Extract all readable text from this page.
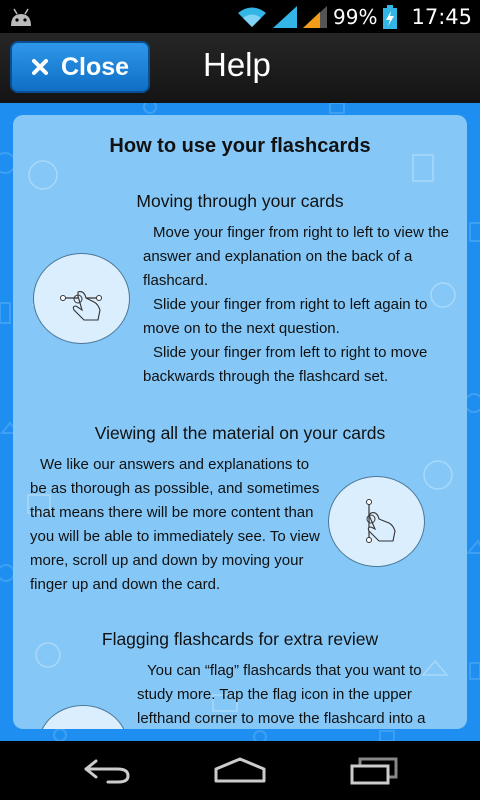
99% 17:45
Close Help
How to use your flashcards
Moving through your cards

Move your finger from right to left to view the answer and explanation on the back of a flashcard.

Slide your finger from right to left again to move on to the next question.

Slide your finger from left to right to move backwards through the flashcard set.

Viewing all the material on your cards

We like our answers and explanations to be as thorough as possible, and sometimes that means there will be more content than you will be able to immediately see. To view more, scroll up and down by moving your finger up and down the card.

Flagging flashcards for extra review

You can “flag” flashcards that you want to study more. Tap the flag icon in the upper lefthand corner to move the flashcard into a
